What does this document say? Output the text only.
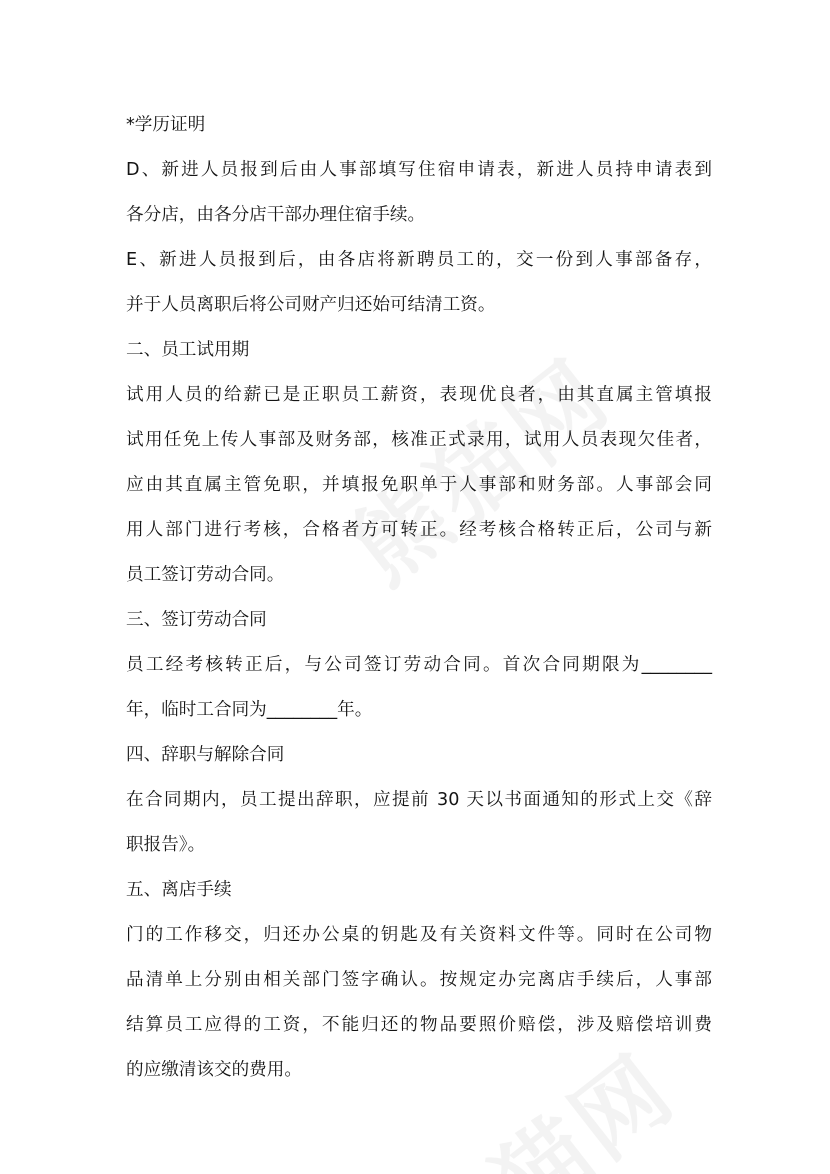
*学历证明

D、新进人员报到后由人事部填写住宿申请表，新进人员持申请表到

各分店，由各分店干部办理住宿手续。

E、新进人员报到后，由各店将新聘员工的，交一份到人事部备存，

并于人员离职后将公司财产归还始可结清工资。

二、员工试用期

试用人员的给薪已是正职员工薪资，表现优良者，由其直属主管填报

试用任免上传人事部及财务部，核准正式录用，试用人员表现欠佳者，

应由其直属主管免职，并填报免职单于人事部和财务部。人事部会同

用人部门进行考核，合格者方可转正。经考核合格转正后，公司与新

员工签订劳动合同。

三、签订劳动合同

员工经考核转正后，与公司签订劳动合同。首次合同期限为________

年，临时工合同为________年。

四、辞职与解除合同

在合同期内，员工提出辞职，应提前 30 天以书面通知的形式上交《辞

职报告》。

五、离店手续

门的工作移交，归还办公桌的钥匙及有关资料文件等。同时在公司物

品清单上分别由相关部门签字确认。按规定办完离店手续后，人事部

结算员工应得的工资，不能归还的物品要照价赔偿，涉及赔偿培训费

的应缴清该交的费用。
